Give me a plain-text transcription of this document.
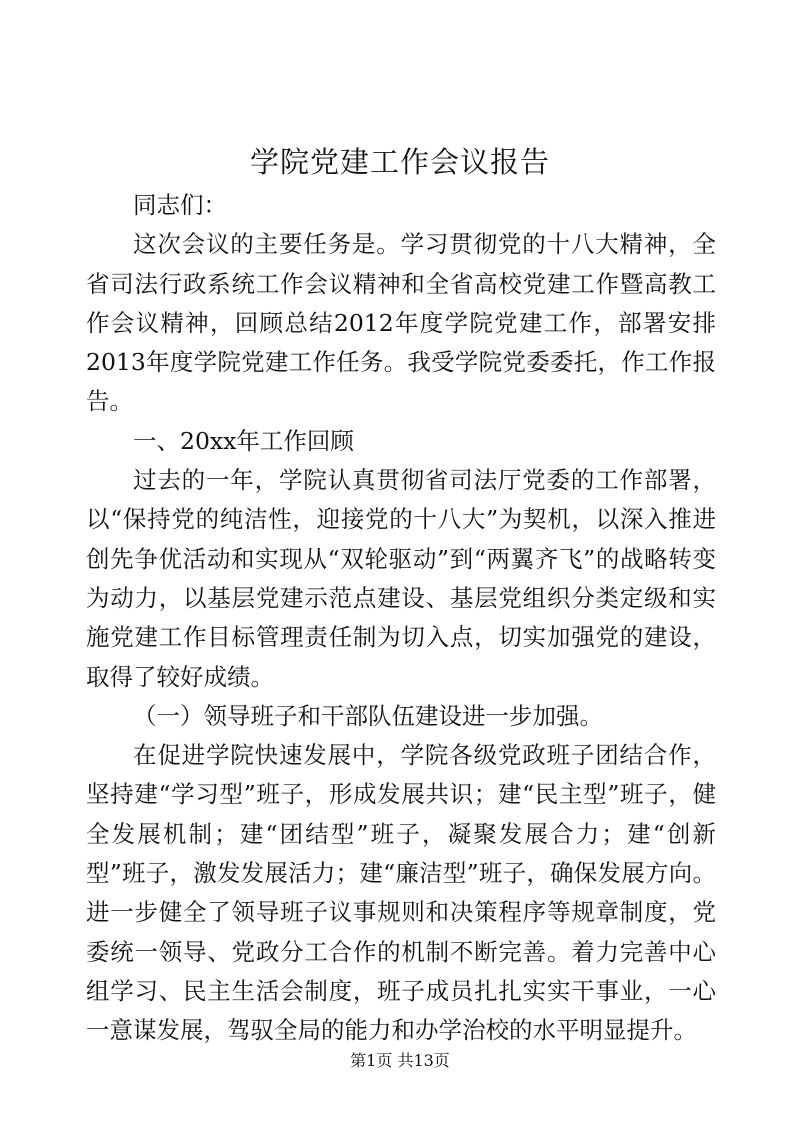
学院党建工作会议报告

同志们：

这次会议的主要任务是。学习贯彻党的十八大精神，全省司法行政系统工作会议精神和全省高校党建工作暨高教工作会议精神，回顾总结2012年度学院党建工作，部署安排2013年度学院党建工作任务。我受学院党委委托，作工作报告。

一、20xx年工作回顾

过去的一年，学院认真贯彻省司法厅党委的工作部署，以“保持党的纯洁性，迎接党的十八大”为契机，以深入推进创先争优活动和实现从“双轮驱动”到“两翼齐飞”的战略转变为动力，以基层党建示范点建设、基层党组织分类定级和实施党建工作目标管理责任制为切入点，切实加强党的建设，取得了较好成绩。

（一）领导班子和干部队伍建设进一步加强。

在促进学院快速发展中，学院各级党政班子团结合作，坚持建“学习型”班子，形成发展共识；建“民主型”班子，健全发展机制；建“团结型”班子，凝聚发展合力；建“创新型”班子，激发发展活力；建“廉洁型”班子，确保发展方向。进一步健全了领导班子议事规则和决策程序等规章制度，党委统一领导、党政分工合作的机制不断完善。着力完善中心组学习、民主生活会制度，班子成员扎扎实实干事业，一心一意谋发展，驾驭全局的能力和办学治校的水平明显提升。

第1页 共13页
